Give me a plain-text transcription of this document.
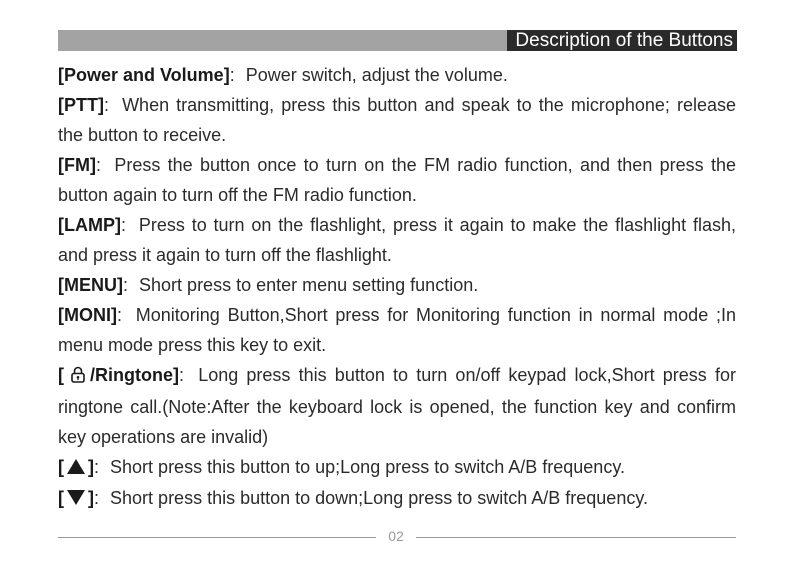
Description of the Buttons

[Power and Volume]: Power switch, adjust the volume.

[PTT]: When transmitting, press this button and speak to the microphone; release the button to receive.

[FM]: Press the button once to turn on the FM radio function, and then press the button again to turn off the FM radio function.

[LAMP]: Press to turn on the flashlight, press it again to make the flashlight flash, and press it again to turn off the flashlight.

[MENU]: Short press to enter menu setting function.

[MONI]: Monitoring Button,Short press for Monitoring function in normal mode ;In menu mode press this key to exit.

[ /Ringtone]: Long press this button to turn on/off keypad lock,Short press for ringtone call.(Note:After the keyboard lock is opened, the function key and confirm key operations are invalid)

[ ]: Short press this button to up;Long press to switch A/B frequency.

[ ]: Short press this button to down;Long press to switch A/B frequency.

02
